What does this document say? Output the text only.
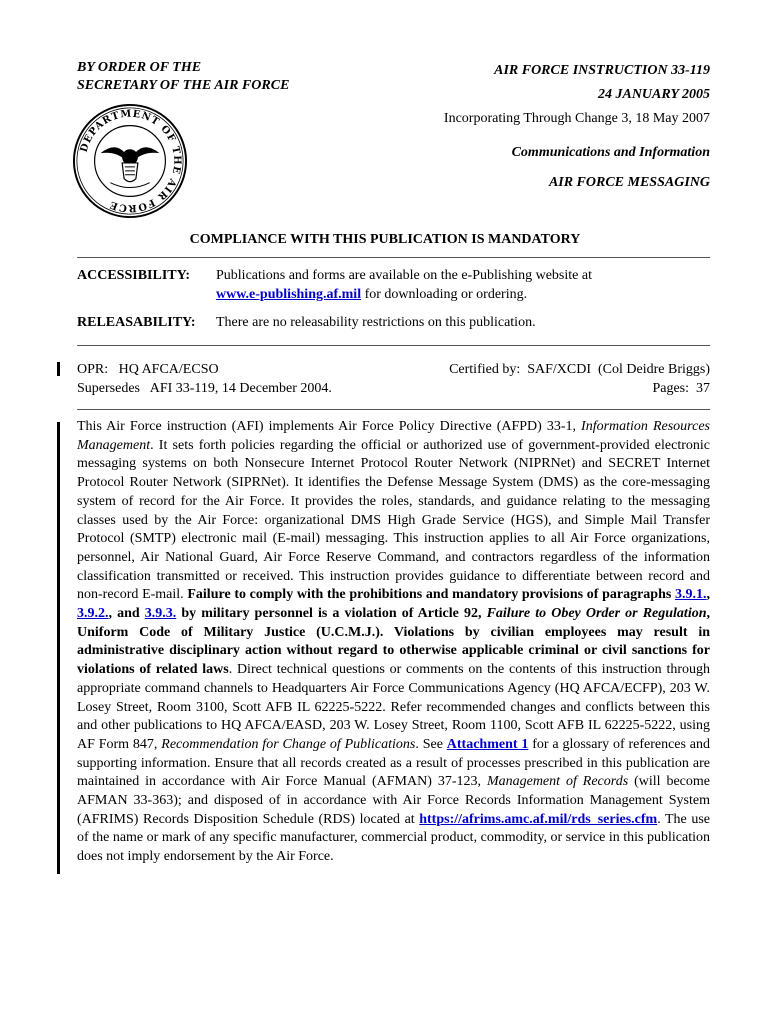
BY ORDER OF THE
SECRETARY OF THE AIR FORCE
AIR FORCE INSTRUCTION 33-119
24 JANUARY 2005
Incorporating Through Change 3, 18 May 2007
Communications and Information
AIR FORCE MESSAGING
DEPARTMENT OF THE AIR FORCE
COMPLIANCE WITH THIS PUBLICATION IS MANDATORY
ACCESSIBILITY: Publications and forms are available on the e-Publishing website at
www.e-publishing.af.mil for downloading or ordering.
RELEASABILITY: There are no releasability restrictions on this publication.
OPR:   HQ AFCA/ECSO
Supersedes   AFI 33-119, 14 December 2004.
Certified by:  SAF/XCDI  (Col Deidre Briggs)
Pages:  37
This Air Force instruction (AFI) implements Air Force Policy Directive (AFPD) 33-1, Information Resources Management. It sets forth policies regarding the official or authorized use of government-provided electronic messaging systems on both Nonsecure Internet Protocol Router Network (NIPRNet) and SECRET Internet Protocol Router Network (SIPRNet). It identifies the Defense Message System (DMS) as the core-messaging system of record for the Air Force. It provides the roles, standards, and guidance relating to the messaging classes used by the Air Force: organizational DMS High Grade Service (HGS), and Simple Mail Transfer Protocol (SMTP) electronic mail (E-mail) messaging. This instruction applies to all Air Force organizations, personnel, Air National Guard, Air Force Reserve Command, and contractors regardless of the information classification transmitted or received. This instruction provides guidance to differentiate between record and non-record E-mail. Failure to comply with the prohibitions and mandatory provisions of paragraphs 3.9.1., 3.9.2., and 3.9.3. by military personnel is a violation of Article 92, Failure to Obey Order or Regulation, Uniform Code of Military Justice (U.C.M.J.). Violations by civilian employees may result in administrative disciplinary action without regard to otherwise applicable criminal or civil sanctions for violations of related laws. Direct technical questions or comments on the contents of this instruction through appropriate command channels to Headquarters Air Force Communications Agency (HQ AFCA/ECFP), 203 W. Losey Street, Room 3100, Scott AFB IL 62225-5222. Refer recommended changes and conflicts between this and other publications to HQ AFCA/EASD, 203 W. Losey Street, Room 1100, Scott AFB IL 62225-5222, using AF Form 847, Recommendation for Change of Publications. See Attachment 1 for a glossary of references and supporting information. Ensure that all records created as a result of processes prescribed in this publication are maintained in accordance with Air Force Manual (AFMAN) 37-123, Management of Records (will become AFMAN 33-363); and disposed of in accordance with Air Force Records Information Management System (AFRIMS) Records Disposition Schedule (RDS) located at https://afrims.amc.af.mil/rds_series.cfm. The use of the name or mark of any specific manufacturer, commercial product, commodity, or service in this publication does not imply endorsement by the Air Force.
